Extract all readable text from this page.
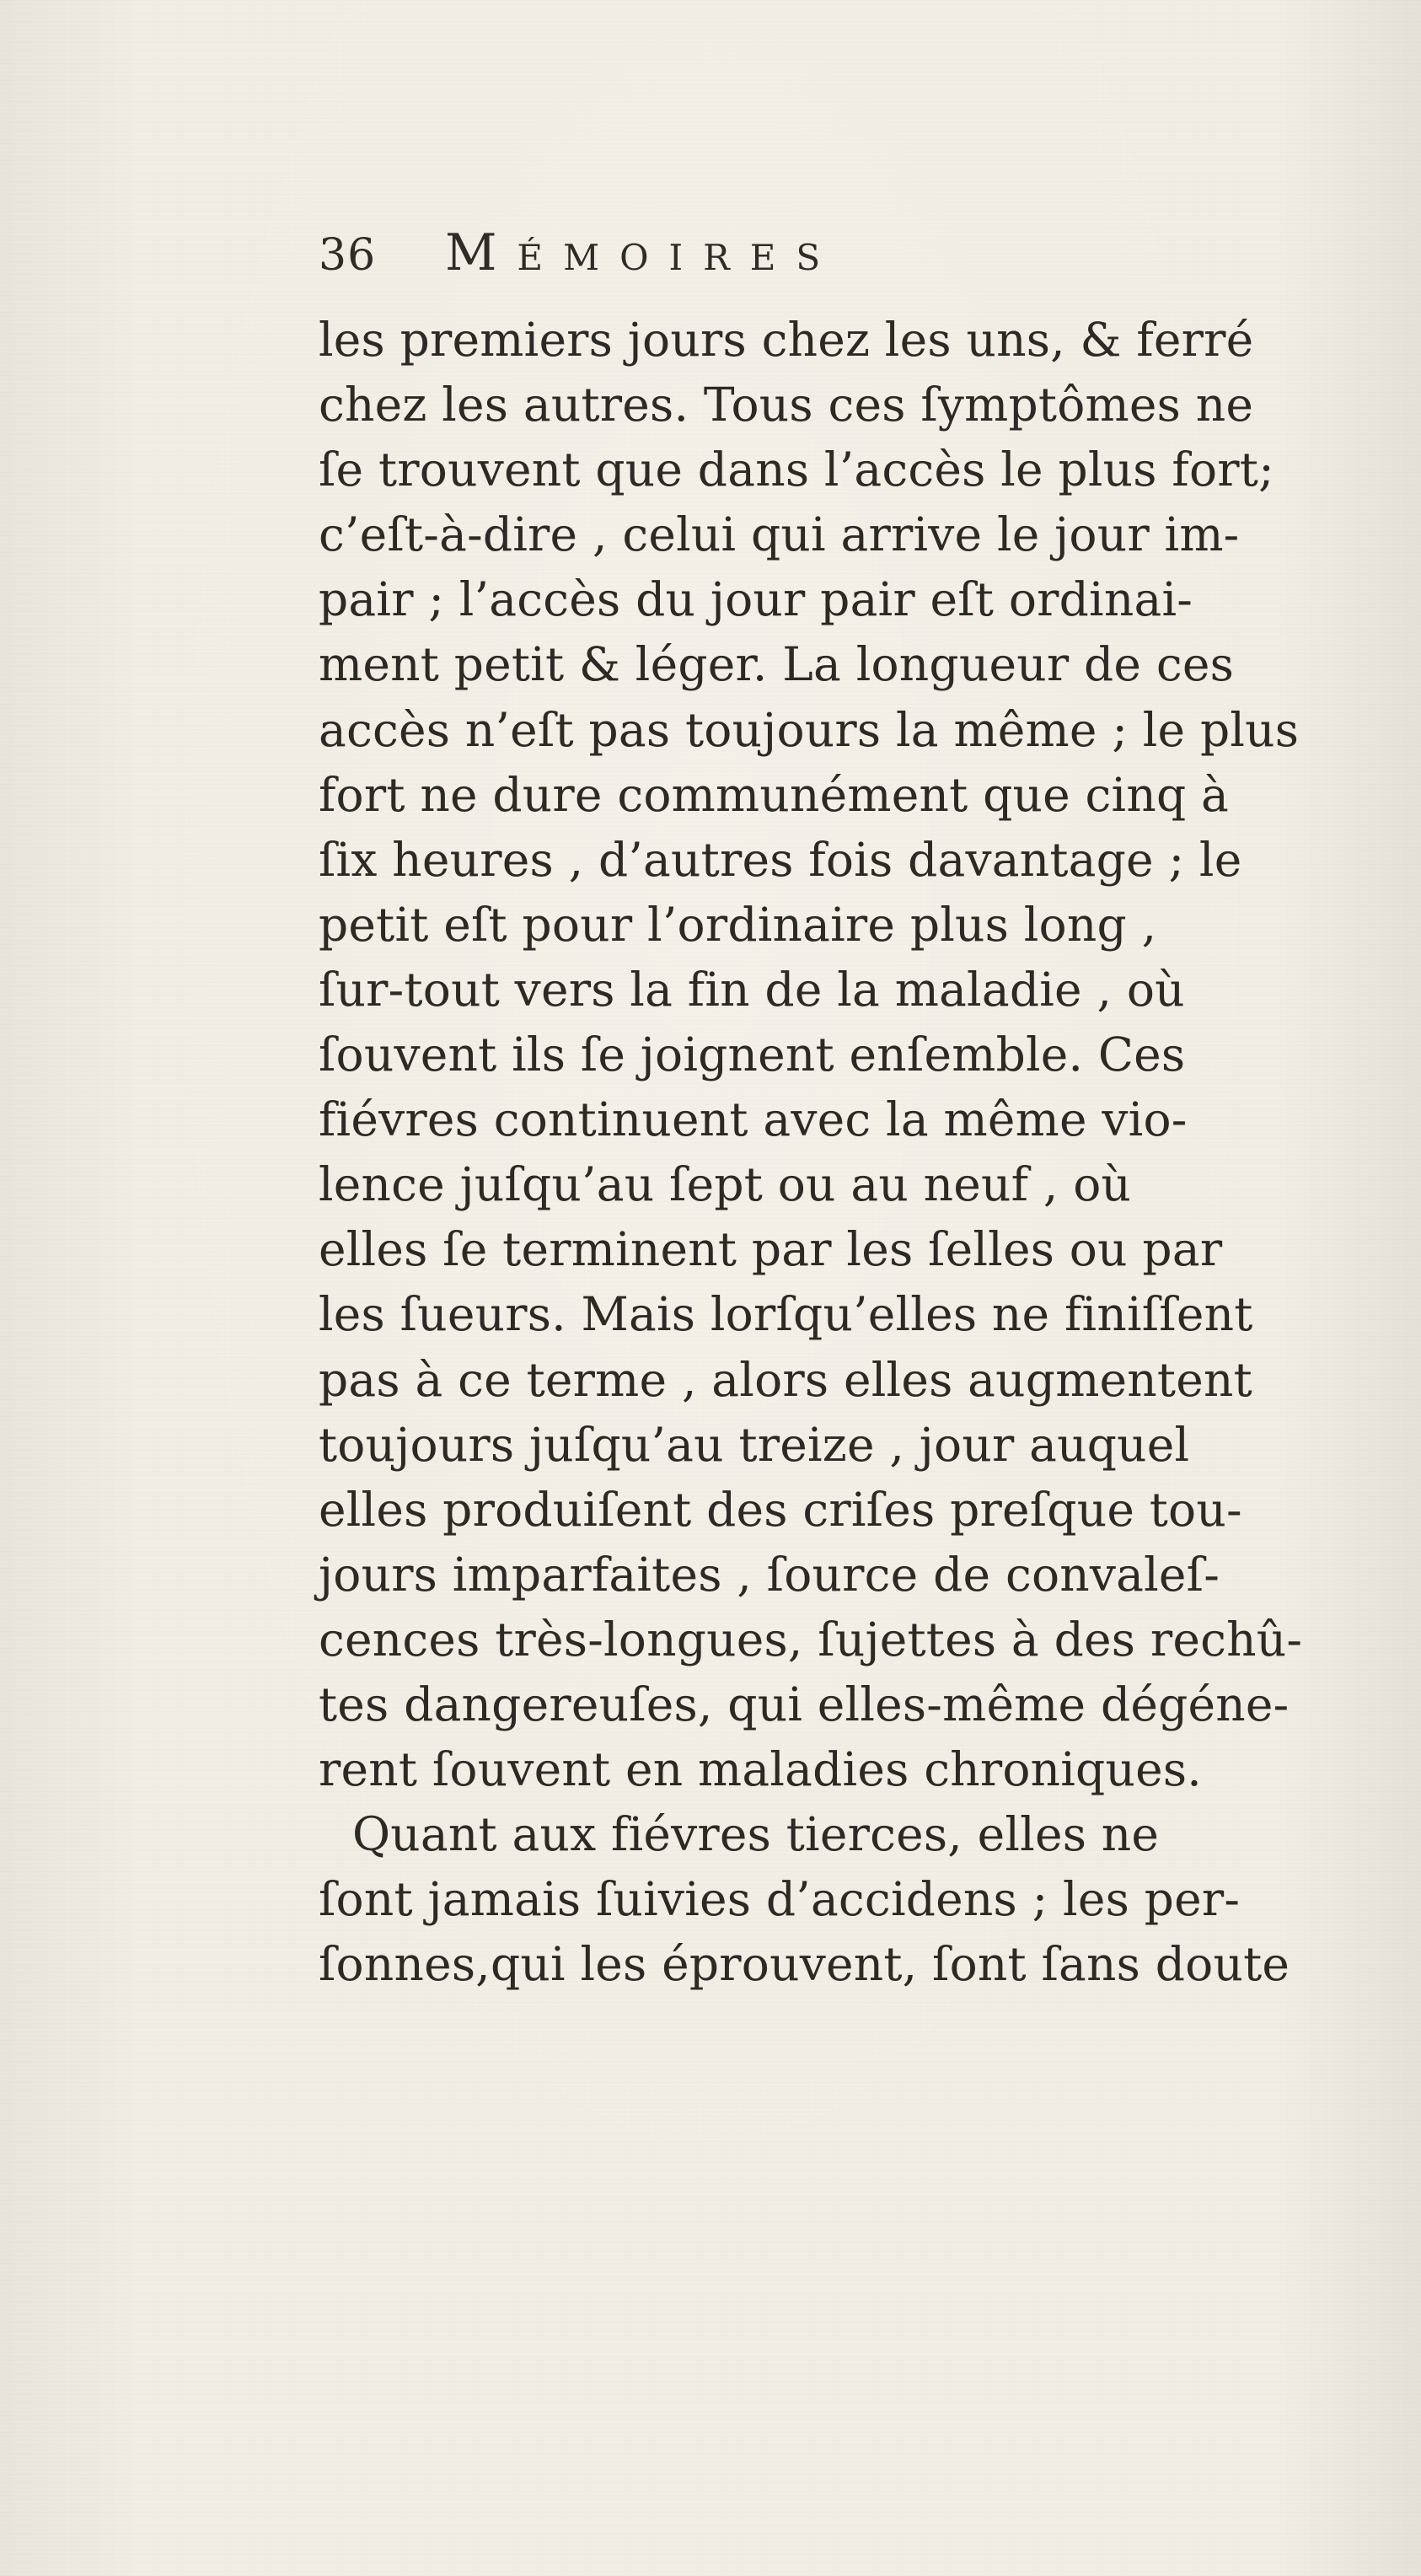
36	Mémoires
les premiers jours chez les uns, & ferré
chez les autres. Tous ces ſymptômes ne
ſe trouvent que dans l’accès le plus fort;
c’eſt-à-dire , celui qui arrive le jour im-
pair ; l’accès du jour pair eſt ordinai-
ment petit & léger. La longueur de ces
accès n’eſt pas toujours la même ; le plus
fort ne dure communément que cinq à
ſix heures , d’autres fois davantage ; le
petit eſt pour l’ordinaire plus long ,
ſur-tout vers la fin de la maladie , où
ſouvent ils ſe joignent enſemble. Ces
fiévres continuent avec la même vio-
lence juſqu’au ſept ou au neuf , où
elles ſe terminent par les ſelles ou par
les ſueurs. Mais lorſqu’elles ne finiſſent
pas à ce terme , alors elles augmentent
toujours juſqu’au treize , jour auquel
elles produiſent des criſes preſque tou-
jours imparfaites , ſource de convaleſ-
cences très-longues, ſujettes à des rechû-
tes dangereuſes, qui elles-même dégéne-
rent ſouvent en maladies chroniques.
Quant aux fiévres tierces, elles ne
ſont jamais ſuivies d’accidens ; les per-
ſonnes,qui les éprouvent, ſont ſans doute
